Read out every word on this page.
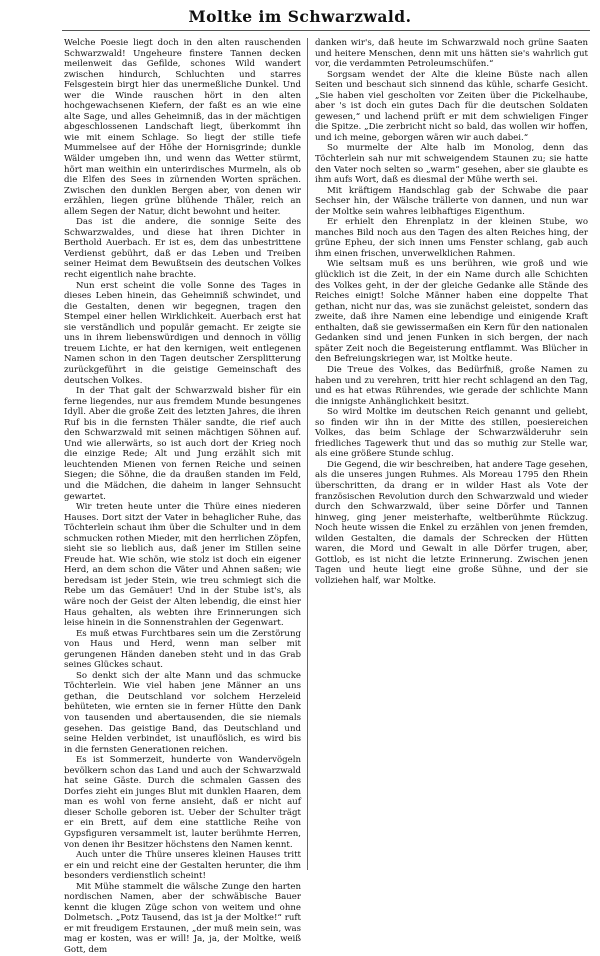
Moltke im Schwarzwald.

Welche Poesie liegt doch in den alten rauschenden Schwarzwald! Ungeheure finstere Tannen decken meilenweit das Gefilde, schones Wild wandert zwischen hindurch, Schluchten und starres Felsgestein birgt hier das unermeßliche Dunkel. Und wer die Winde rauschen hört in den alten hochgewachsenen Kiefern, der faßt es an wie eine alte Sage, und alles Geheimniß, das in der mächtigen abgeschlossenen Landschaft liegt, überkommt ihn wie mit einem Schlage. So liegt der stille tiefe Mummelsee auf der Höhe der Hornisgrinde; dunkle Wälder umgeben ihn, und wenn das Wetter stürmt, hört man weithin ein unterirdisches Murmeln, als ob die Elfen des Sees in zürnenden Worten sprächen. Zwischen den dunklen Bergen aber, von denen wir erzählen, liegen grüne blühende Thäler, reich an allem Segen der Natur, dicht bewohnt und heiter.

Das ist die andere, die sonnige Seite des Schwarzwaldes, und diese hat ihren Dichter in Berthold Auerbach. Er ist es, dem das unbestrittene Verdienst gebührt, daß er das Leben und Treiben seiner Heimat dem Bewußtsein des deutschen Volkes recht eigentlich nahe brachte.

Nun erst scheint die volle Sonne des Tages in dieses Leben hinein, das Geheimniß schwindet, und die Gestalten, denen wir begegnen, tragen den Stempel einer hellen Wirklichkeit. Auerbach erst hat sie verständlich und populär gemacht. Er zeigte sie uns in ihrem liebenswürdigen und dennoch in völlig treuem Lichte, er hat den kernigen, weit entlegenen Namen schon in den Tagen deutscher Zersplitterung zurückgeführt in die geistige Gemeinschaft des deutschen Volkes.

In der That galt der Schwarzwald bisher für ein ferne liegendes, nur aus fremdem Munde besungenes Idyll. Aber die große Zeit des letzten Jahres, die ihren Ruf bis in die fernsten Thäler sandte, die rief auch den Schwarzwald mit seinen mächtigen Söhnen auf. Und wie allerwärts, so ist auch dort der Krieg noch die einzige Rede; Alt und Jung erzählt sich mit leuchtenden Mienen von fernen Reiche und seinen Siegen; die Söhne, die da draußen standen im Feld, und die Mädchen, die daheim in langer Sehnsucht gewartet.

Wir treten heute unter die Thüre eines niederen Hauses. Dort sitzt der Vater in behaglicher Ruhe, das Töchterlein schaut ihm über die Schulter und in dem schmucken rothen Mieder, mit den herrlichen Zöpfen, sieht sie so lieblich aus, daß jener im Stillen seine Freude hat. Wie schön, wie stolz ist doch ein eigener Herd, an dem schon die Väter und Ahnen saßen; wie beredsam ist jeder Stein, wie treu schmiegt sich die Rebe um das Gemäuer! Und in der Stube ist's, als wäre noch der Geist der Alten lebendig, die einst hier Haus gehalten, als webten ihre Erinnerungen sich leise hinein in die Sonnenstrahlen der Gegenwart.

Es muß etwas Furchtbares sein um die Zerstörung von Haus und Herd, wenn man selber mit gerungenen Händen daneben steht und in das Grab seines Glückes schaut.

So denkt sich der alte Mann und das schmucke Töchterlein. Wie viel haben jene Männer an uns gethan, die Deutschland vor solchem Herzeleid behüteten, wie ernten sie in ferner Hütte den Dank von tausenden und abertausenden, die sie niemals gesehen. Das geistige Band, das Deutschland und seine Helden verbindet, ist unauflöslich, es wird bis in die fernsten Generationen reichen.

Es ist Sommerzeit, hunderte von Wandervögeln bevölkern schon das Land und auch der Schwarzwald hat seine Gäste. Durch die schmalen Gassen des Dorfes zieht ein junges Blut mit dunklen Haaren, dem man es wohl von ferne ansieht, daß er nicht auf dieser Scholle geboren ist. Ueber der Schulter trägt er ein Brett, auf dem eine stattliche Reihe von Gypsfiguren versammelt ist, lauter berühmte Herren, von denen ihr Besitzer höchstens den Namen kennt.

Auch unter die Thüre unseres kleinen Hauses tritt er ein und reicht eine der Gestalten herunter, die ihm besonders verdienstlich scheint!

Mit Mühe stammelt die wälsche Zunge den harten nordischen Namen, aber der schwäbische Bauer kennt die klugen Züge schon von weitem und ohne Dolmetsch. „Potz Tausend, das ist ja der Moltke!“ ruft er mit freudigem Erstaunen, „der muß mein sein, was mag er kosten, was er will! Ja, ja, der Moltke, weiß Gott, dem

danken wir's, daß heute im Schwarzwald noch grüne Saaten und heitere Menschen, denn mit uns hätten sie's wahrlich gut vor, die verdammten Petroleumschüfen.“

Sorgsam wendet der Alte die kleine Büste nach allen Seiten und beschaut sich sinnend das kühle, scharfe Gesicht. „Sie haben viel gescholten vor Zeiten über die Pickelhaube, aber 's ist doch ein gutes Dach für die deutschen Soldaten gewesen,“ und lachend prüft er mit dem schwieligen Finger die Spitze. „Die zerbricht nicht so bald, das wollen wir hoffen, und ich meine, geborgen wären wir auch dabei.“

So murmelte der Alte halb im Monolog, denn das Töchterlein sah nur mit schweigendem Staunen zu; sie hatte den Vater noch selten so „warm“ gesehen, aber sie glaubte es ihm aufs Wort, daß es diesmal der Mühe werth sei.

Mit kräftigem Handschlag gab der Schwabe die paar Sechser hin, der Wälsche trällerte von dannen, und nun war der Moltke sein wahres leibhaftiges Eigenthum.

Er erhielt den Ehrenplatz in der kleinen Stube, wo manches Bild noch aus den Tagen des alten Reiches hing, der grüne Epheu, der sich innen ums Fenster schlang, gab auch ihm einen frischen, unverwelklichen Rahmen.

Wie seltsam muß es uns berühren, wie groß und wie glücklich ist die Zeit, in der ein Name durch alle Schichten des Volkes geht, in der der gleiche Gedanke alle Stände des Reiches einigt! Solche Männer haben eine doppelte That gethan, nicht nur das, was sie zunächst geleistet, sondern das zweite, daß ihre Namen eine lebendige und einigende Kraft enthalten, daß sie gewissermaßen ein Kern für den nationalen Gedanken sind und jenen Funken in sich bergen, der nach später Zeit noch die Begeisterung entflammt. Was Blücher in den Befreiungskriegen war, ist Moltke heute.

Die Treue des Volkes, das Bedürfniß, große Namen zu haben und zu verehren, tritt hier recht schlagend an den Tag, und es hat etwas Rührendes, wie gerade der schlichte Mann die innigste Anhänglichkeit besitzt.

So wird Moltke im deutschen Reich genannt und geliebt, so finden wir ihn in der Mitte des stillen, poesiereichen Volkes, das beim Schlage der Schwarzwälderuhr sein friedliches Tagewerk thut und das so muthig zur Stelle war, als eine größere Stunde schlug.

Die Gegend, die wir beschreiben, hat andere Tage gesehen, als die unseres jungen Ruhmes. Als Moreau 1795 den Rhein überschritten, da drang er in wilder Hast als Vote der französischen Revolution durch den Schwarzwald und wieder durch den Schwarzwald, über seine Dörfer und Tannen hinweg, ging jener meisterhafte, weltberühmte Rückzug. Noch heute wissen die Enkel zu erzählen von jenen fremden, wilden Gestalten, die damals der Schrecken der Hütten waren, die Mord und Gewalt in alle Dörfer trugen, aber, Gottlob, es ist nicht die letzte Erinnerung. Zwischen jenen Tagen und heute liegt eine große Sühne, und der sie vollziehen half, war Moltke.
